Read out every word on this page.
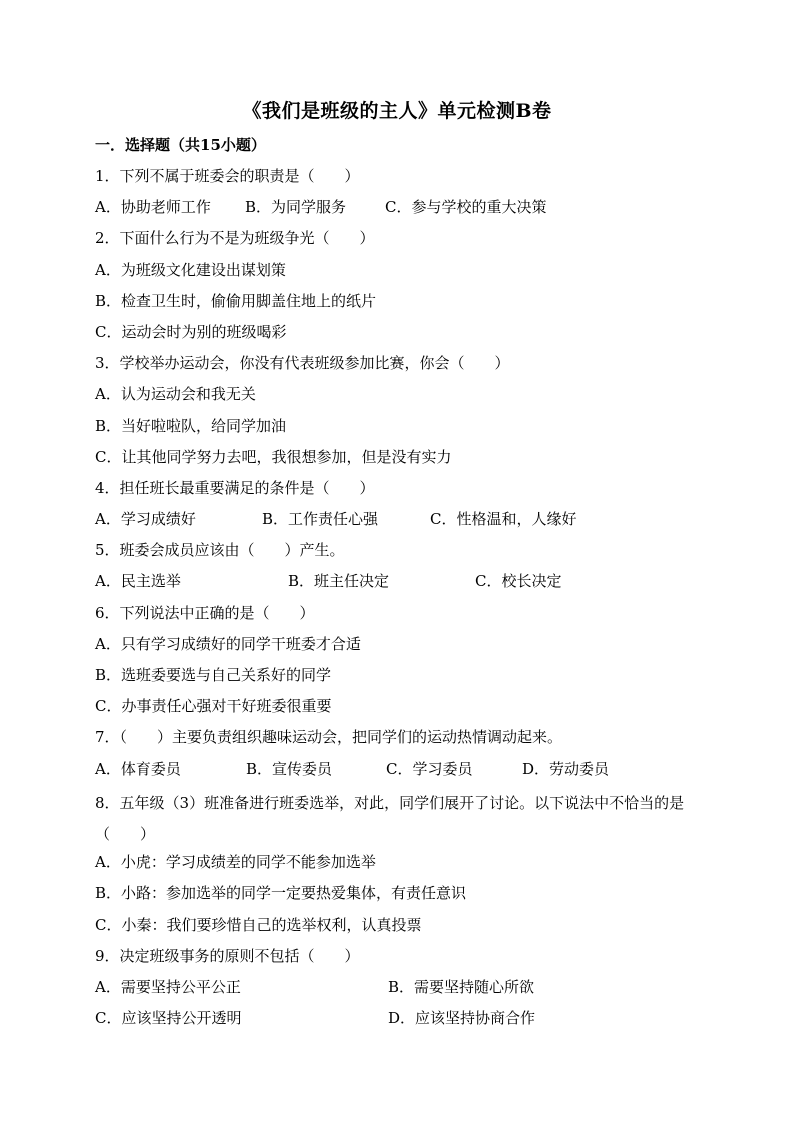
《我们是班级的主人》单元检测B卷
一．选择题（共15小题）
1．下列不属于班委会的职责是（　　）
A．协助老师工作	B．为同学服务	C．参与学校的重大决策
2．下面什么行为不是为班级争光（　　）
A．为班级文化建设出谋划策
B．检查卫生时，偷偷用脚盖住地上的纸片
C．运动会时为别的班级喝彩
3．学校举办运动会，你没有代表班级参加比赛，你会（　　）
A．认为运动会和我无关
B．当好啦啦队，给同学加油
C．让其他同学努力去吧，我很想参加，但是没有实力
4．担任班长最重要满足的条件是（　　）
A．学习成绩好	B．工作责任心强	C．性格温和，人缘好
5．班委会成员应该由（　　）产生。
A．民主选举	B．班主任决定	C．校长决定
6．下列说法中正确的是（　　）
A．只有学习成绩好的同学干班委才合适
B．选班委要选与自己关系好的同学
C．办事责任心强对干好班委很重要
7．（　　）主要负责组织趣味运动会，把同学们的运动热情调动起来。
A．体育委员	B．宣传委员	C．学习委员	D．劳动委员
8．五年级（3）班准备进行班委选举，对此，同学们展开了讨论。以下说法中不恰当的是（　　）
A．小虎：学习成绩差的同学不能参加选举
B．小路：参加选举的同学一定要热爱集体，有责任意识
C．小秦：我们要珍惜自己的选举权利，认真投票
9．决定班级事务的原则不包括（　　）
A．需要坚持公平公正	B．需要坚持随心所欲
C．应该坚持公开透明	D．应该坚持协商合作
